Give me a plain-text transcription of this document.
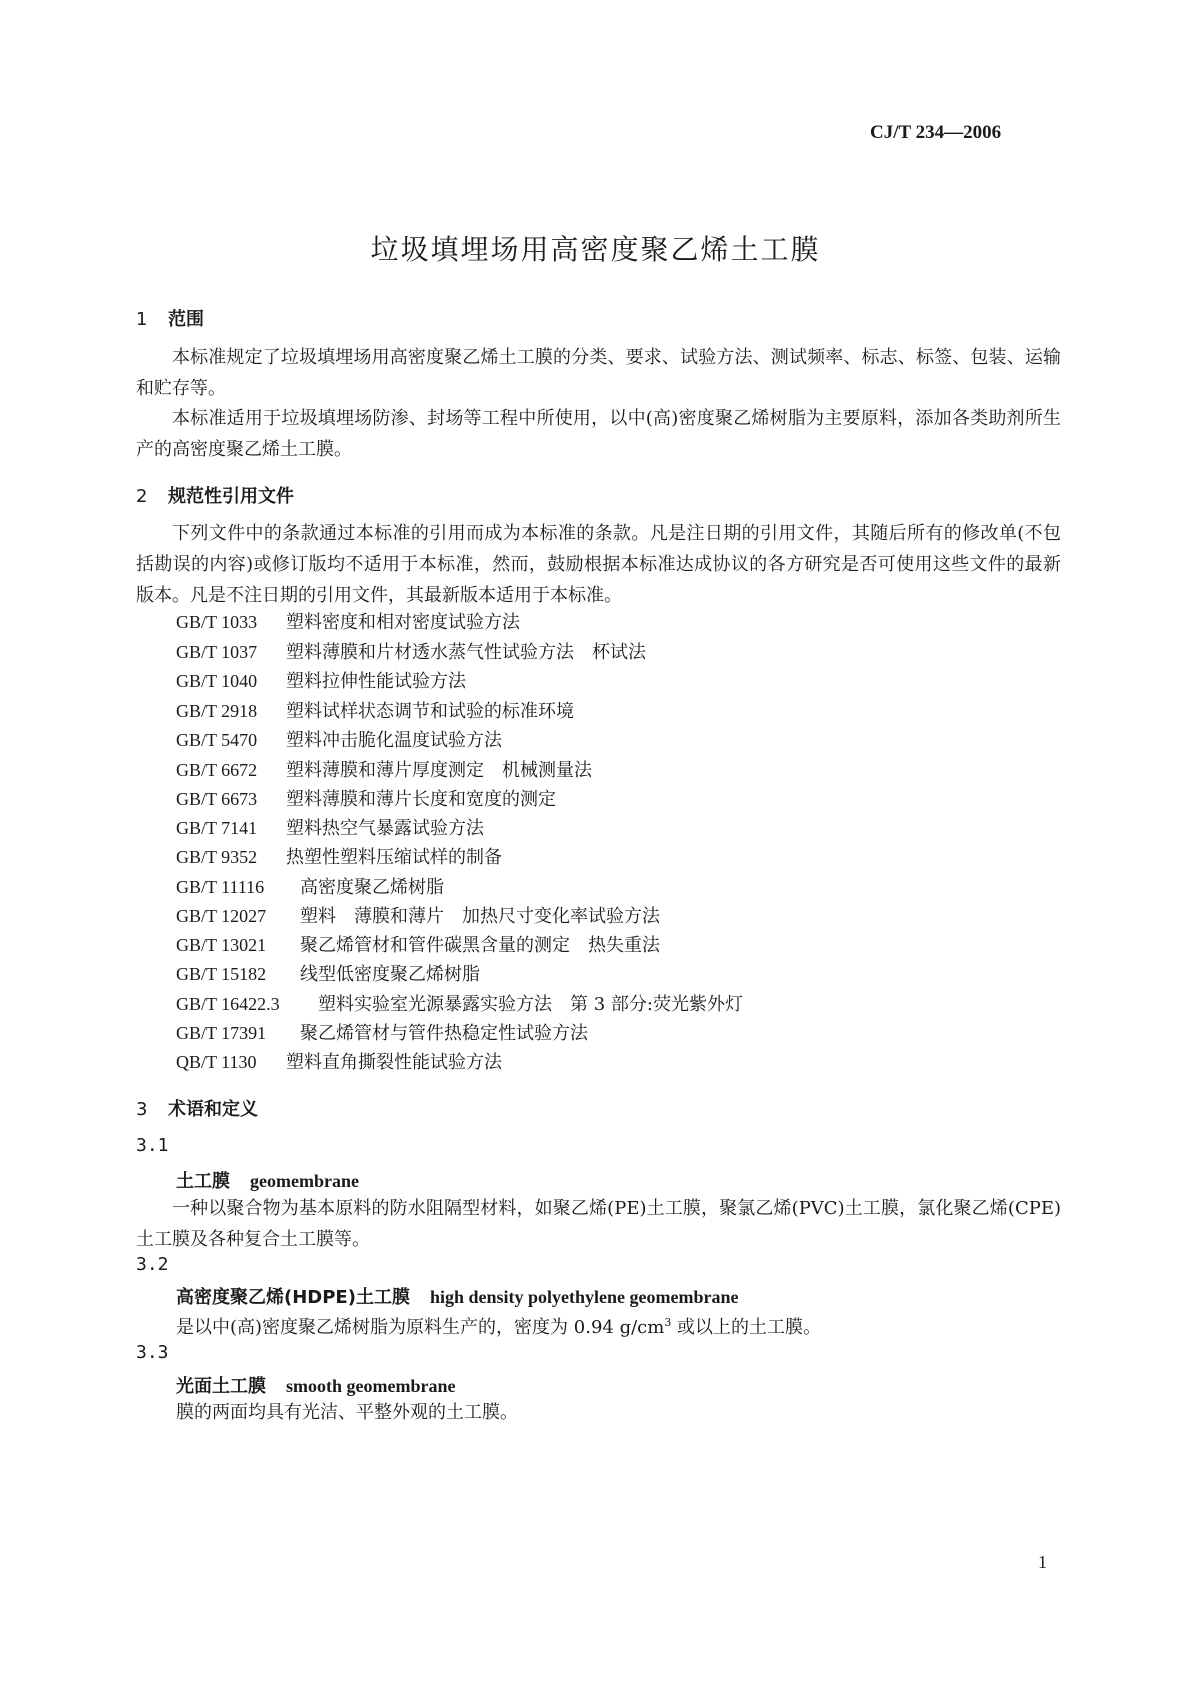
CJ/T 234—2006
垃圾填埋场用高密度聚乙烯土工膜
1 范围
本标准规定了垃圾填埋场用高密度聚乙烯土工膜的分类、要求、试验方法、测试频率、标志、标签、包装、运输和贮存等。
本标准适用于垃圾填埋场防渗、封场等工程中所使用，以中(高)密度聚乙烯树脂为主要原料，添加各类助剂所生产的高密度聚乙烯土工膜。
2 规范性引用文件
下列文件中的条款通过本标准的引用而成为本标准的条款。凡是注日期的引用文件，其随后所有的修改单(不包括勘误的内容)或修订版均不适用于本标准，然而，鼓励根据本标准达成协议的各方研究是否可使用这些文件的最新版本。凡是不注日期的引用文件，其最新版本适用于本标准。
GB/T 1033 塑料密度和相对密度试验方法
GB/T 1037 塑料薄膜和片材透水蒸气性试验方法　杯试法
GB/T 1040 塑料拉伸性能试验方法
GB/T 2918 塑料试样状态调节和试验的标准环境
GB/T 5470 塑料冲击脆化温度试验方法
GB/T 6672 塑料薄膜和薄片厚度测定　机械测量法
GB/T 6673 塑料薄膜和薄片长度和宽度的测定
GB/T 7141 塑料热空气暴露试验方法
GB/T 9352 热塑性塑料压缩试样的制备
GB/T 11116 高密度聚乙烯树脂
GB/T 12027 塑料　薄膜和薄片　加热尺寸变化率试验方法
GB/T 13021 聚乙烯管材和管件碳黑含量的测定　热失重法
GB/T 15182 线型低密度聚乙烯树脂
GB/T 16422.3 塑料实验室光源暴露实验方法　第 3 部分:荧光紫外灯
GB/T 17391 聚乙烯管材与管件热稳定性试验方法
QB/T 1130 塑料直角撕裂性能试验方法
3 术语和定义
3.1
土工膜 geomembrane
一种以聚合物为基本原料的防水阻隔型材料，如聚乙烯(PE)土工膜，聚氯乙烯(PVC)土工膜，氯化聚乙烯(CPE)土工膜及各种复合土工膜等。
3.2
高密度聚乙烯(HDPE)土工膜 high density polyethylene geomembrane
是以中(高)密度聚乙烯树脂为原料生产的，密度为 0.94 $g/cm^3$ 或以上的土工膜。
3.3
光面土工膜 smooth geomembrane
膜的两面均具有光洁、平整外观的土工膜。
1
